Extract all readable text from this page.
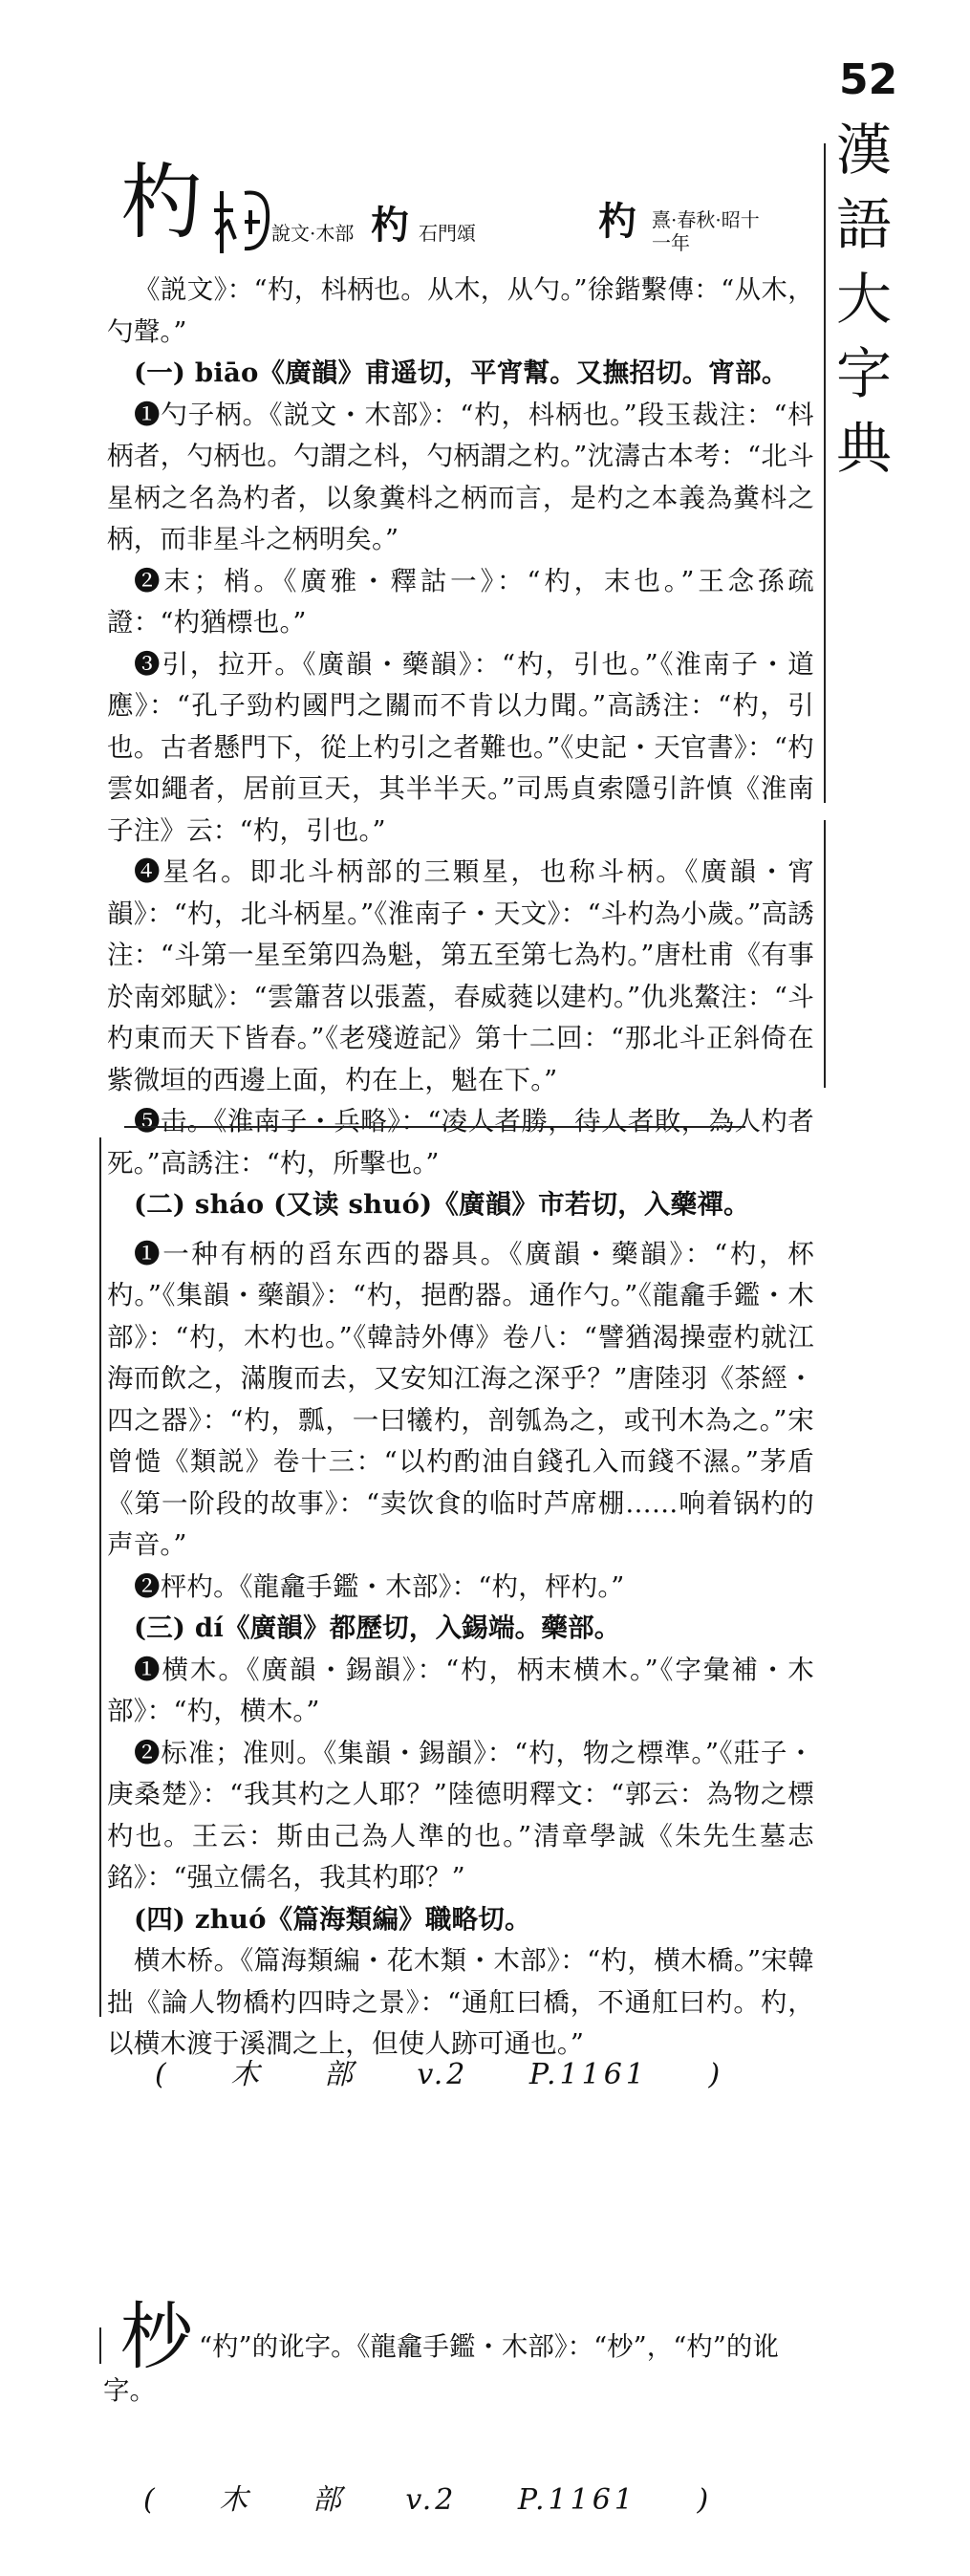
52
漢語大字典
杓	說文·木部 杓 石門頌	杓 熹·春秋·昭十一年

《説文》：“杓，枓柄也。从木，从勺。”徐鍇繫傳：“从木，勺聲。”

(一) biāo《廣韻》甫遥切，平宵幫。又撫招切。宵部。

❶勺子柄。《説文・木部》：“杓，枓柄也。”段玉裁注：“枓柄者，勺柄也。勺謂之枓，勺柄謂之杓。”沈濤古本考：“北斗星柄之名為杓者，以象糞枓之柄而言，是杓之本義為糞枓之柄，而非星斗之柄明矣。”

❷末；梢。《廣雅・釋詁一》：“杓，末也。”王念孫疏證：“杓猶標也。”

❸引，拉开。《廣韻・藥韻》：“杓，引也。”《淮南子・道應》：“孔子勁杓國門之關而不肯以力聞。”高誘注：“杓，引也。古者懸門下，從上杓引之者難也。”《史記・天官書》：“杓雲如繩者，居前亘天，其半半天。”司馬貞索隱引許慎《淮南子注》云：“杓，引也。”

❹星名。即北斗柄部的三顆星，也称斗柄。《廣韻・宵韻》：“杓，北斗柄星。”《淮南子・天文》：“斗杓為小歲。”高誘注：“斗第一星至第四為魁，第五至第七為杓。”唐杜甫《有事於南郊賦》：“雲簫苕以張蓋，春威蕤以建杓。”仇兆鰲注：“斗杓東而天下皆春。”《老殘遊記》第十二回：“那北斗正斜倚在紫微垣的西邊上面，杓在上，魁在下。”

❺击。《淮南子・兵略》：“凌人者勝，待人者敗，為人杓者死。”高誘注：“杓，所擊也。”

(二) sháo (又读 shuó)《廣韻》市若切，入藥禪。

❶一种有柄的舀东西的器具。《廣韻・藥韻》：“杓，杯杓。”《集韻・藥韻》：“杓，挹酌器。通作勺。”《龍龕手鑑・木部》：“杓，木杓也。”《韓詩外傳》卷八：“譬猶渴操壺杓就江海而飲之，滿腹而去，又安知江海之深乎？”唐陸羽《茶經・四之器》：“杓，瓢，一曰犧杓，剖瓠為之，或刊木為之。”宋曾慥《類説》卷十三：“以杓酌油自錢孔入而錢不濕。”茅盾《第一阶段的故事》：“卖饮食的临时芦席棚……响着锅杓的声音。”

❷枰杓。《龍龕手鑑・木部》：“杓，枰杓。”

(三) dí《廣韻》都歷切，入錫端。藥部。

❶横木。《廣韻・錫韻》：“杓，柄末横木。”《字彙補・木部》：“杓，横木。”

❷标准；准则。《集韻・錫韻》：“杓，物之標準。”《莊子・庚桑楚》：“我其杓之人耶？”陸德明釋文：“郭云：為物之標杓也。王云：斯由己為人準的也。”清章學誠《朱先生墓志銘》：“强立儒名，我其杓耶？”

(四) zhuó《篇海類編》職略切。

横木桥。《篇海類編・花木類・木部》：“杓，横木橋。”宋韓拙《論人物橋杓四時之景》：“通舡曰橋，不通舡曰杓。杓，以横木渡于溪澗之上，但使人跡可通也。”

( 木 部 v.2 P.1161 )
杪 “杓”的讹字。《龍龕手鑑・木部》：“杪”，“杓”的讹字。

( 木 部 v.2 P.1161 )
